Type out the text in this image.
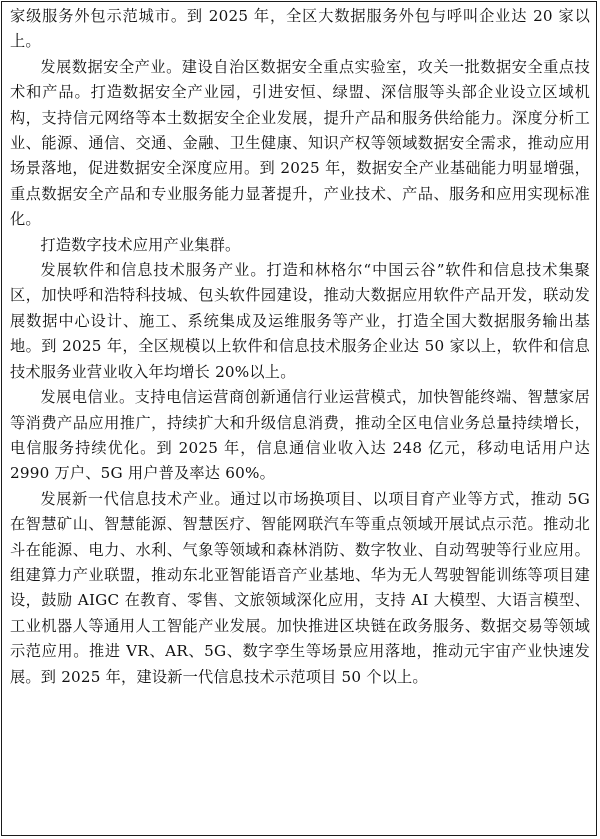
家级服务外包示范城市。到 2025 年，全区大数据服务外包与呼叫企业达 20 家以上。

发展数据安全产业。建设自治区数据安全重点实验室，攻关一批数据安全重点技术和产品。打造数据安全产业园，引进安恒、绿盟、深信服等头部企业设立区域机构，支持信元网络等本土数据安全企业发展，提升产品和服务供给能力。深度分析工业、能源、通信、交通、金融、卫生健康、知识产权等领域数据安全需求，推动应用场景落地，促进数据安全深度应用。到 2025 年，数据安全产业基础能力明显增强，重点数据安全产品和专业服务能力显著提升，产业技术、产品、服务和应用实现标准化。

打造数字技术应用产业集群。

发展软件和信息技术服务产业。打造和林格尔“中国云谷”软件和信息技术集聚区，加快呼和浩特科技城、包头软件园建设，推动大数据应用软件产品开发，联动发展数据中心设计、施工、系统集成及运维服务等产业，打造全国大数据服务输出基地。到 2025 年，全区规模以上软件和信息技术服务企业达 50 家以上，软件和信息技术服务业营业收入年均增长 20%以上。

发展电信业。支持电信运营商创新通信行业运营模式，加快智能终端、智慧家居等消费产品应用推广，持续扩大和升级信息消费，推动全区电信业务总量持续增长，电信服务持续优化。到 2025 年，信息通信业收入达 248 亿元，移动电话用户达 2990 万户、5G 用户普及率达 60%。

发展新一代信息技术产业。通过以市场换项目、以项目育产业等方式，推动 5G 在智慧矿山、智慧能源、智慧医疗、智能网联汽车等重点领域开展试点示范。推动北斗在能源、电力、水利、气象等领域和森林消防、数字牧业、自动驾驶等行业应用。组建算力产业联盟，推动东北亚智能语音产业基地、华为无人驾驶智能训练等项目建设，鼓励 AIGC 在教育、零售、文旅领域深化应用，支持 AI 大模型、大语言模型、工业机器人等通用人工智能产业发展。加快推进区块链在政务服务、数据交易等领域示范应用。推进 VR、AR、5G、数字孪生等场景应用落地，推动元宇宙产业快速发展。到 2025 年，建设新一代信息技术示范项目 50 个以上。
